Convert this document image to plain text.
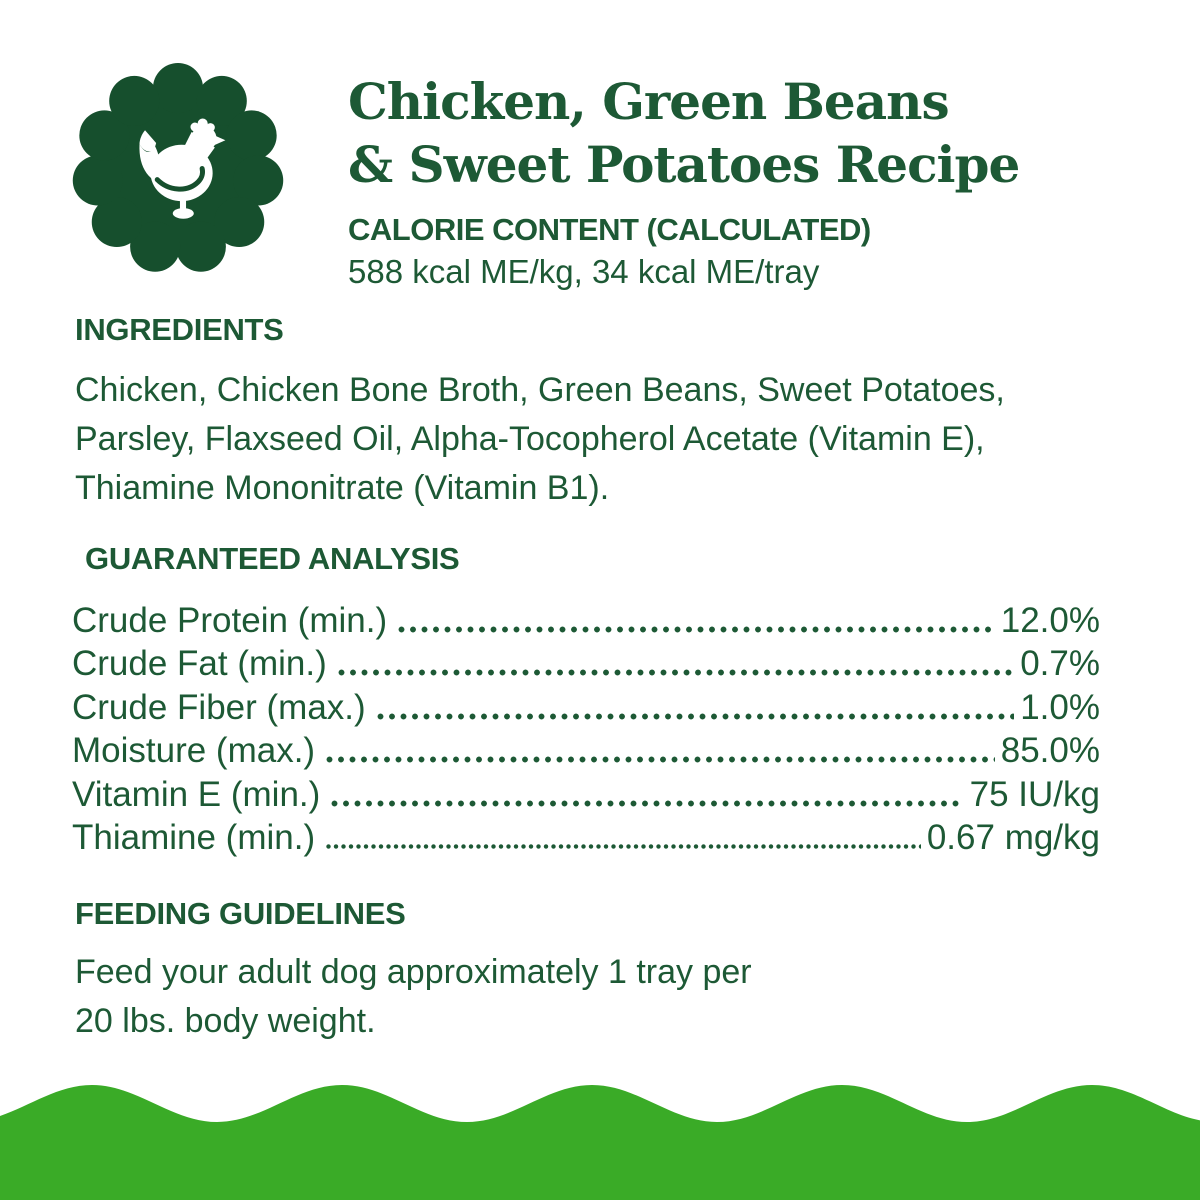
Chicken, Green Beans
& Sweet Potatoes Recipe
CALORIE CONTENT (CALCULATED)
588 kcal ME/kg, 34 kcal ME/tray
INGREDIENTS
Chicken, Chicken Bone Broth, Green Beans, Sweet Potatoes,
Parsley, Flaxseed Oil, Alpha-Tocopherol Acetate (Vitamin E),
Thiamine Mononitrate (Vitamin B1).
GUARANTEED ANALYSIS
Crude Protein (min.)	12.0%
Crude Fat (min.)	0.7%
Crude Fiber (max.)	1.0%
Moisture (max.)	85.0%
Vitamin E (min.)	75 IU/kg
Thiamine (min.)	0.67 mg/kg
FEEDING GUIDELINES
Feed your adult dog approximately 1 tray per
20 lbs. body weight.
